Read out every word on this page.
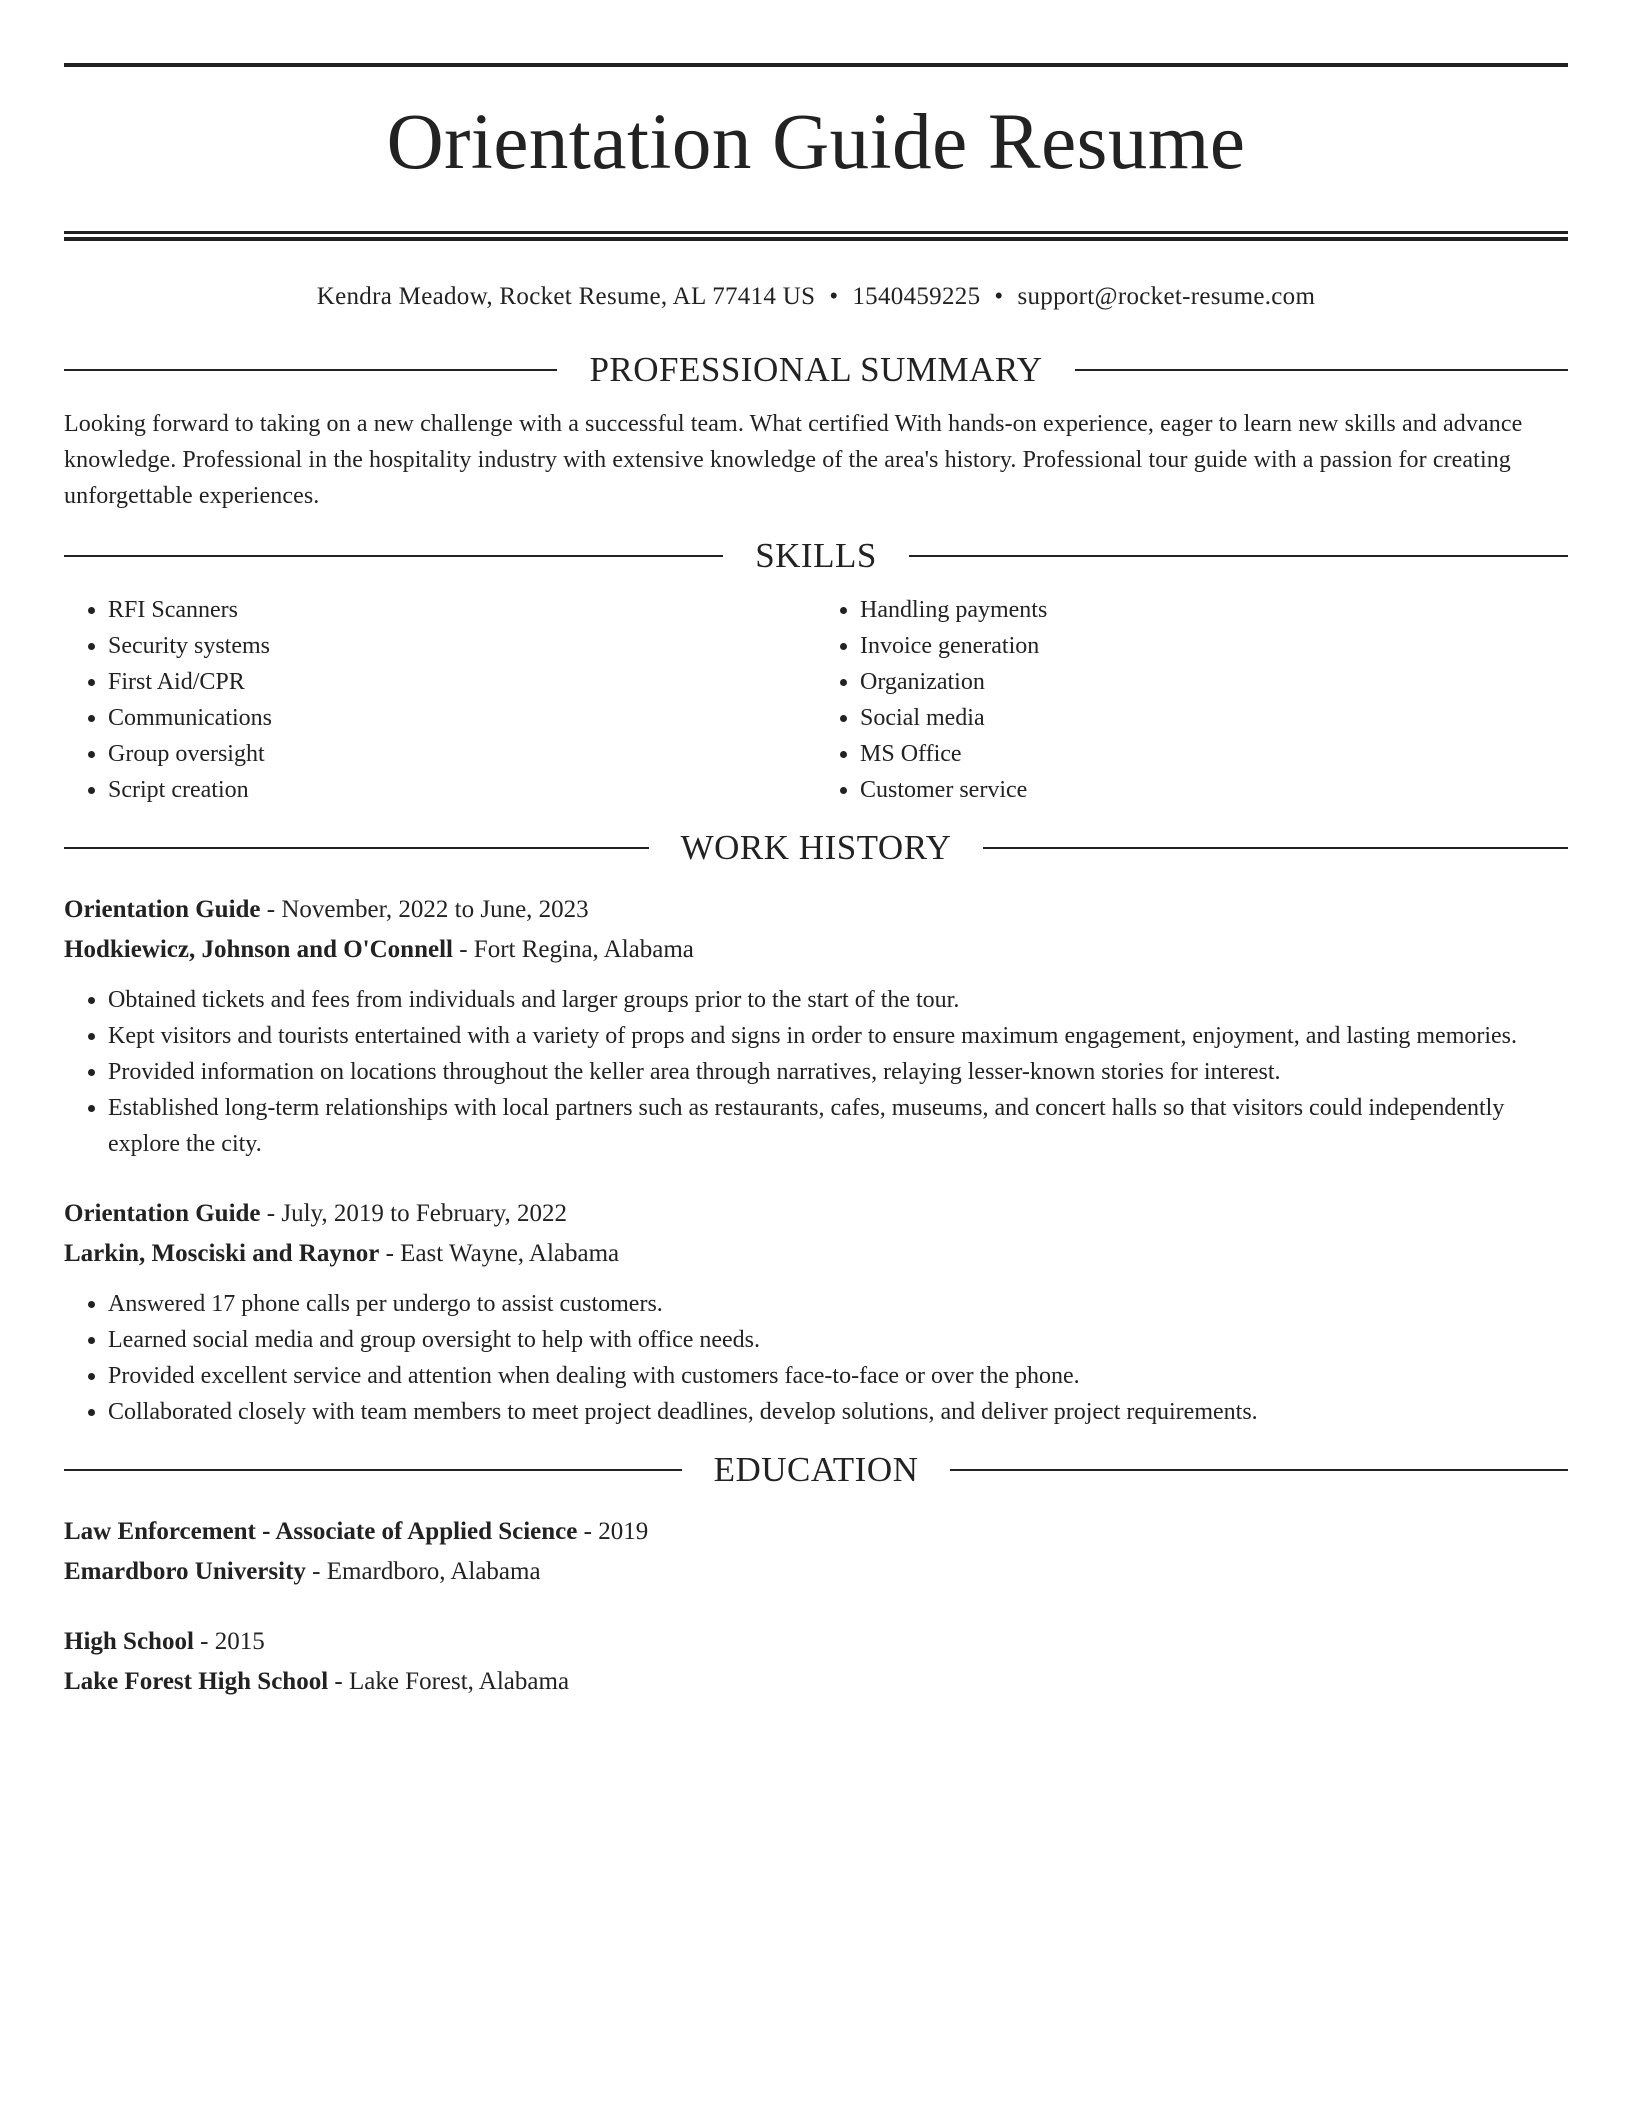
Orientation Guide Resume
Kendra Meadow, Rocket Resume, AL 77414 US • 1540459225 • support@rocket-resume.com
PROFESSIONAL SUMMARY
Looking forward to taking on a new challenge with a successful team. What certified With hands-on experience, eager to learn new skills and advance knowledge. Professional in the hospitality industry with extensive knowledge of the area's history. Professional tour guide with a passion for creating unforgettable experiences.
SKILLS
• RFI Scanners
• Security systems
• First Aid/CPR
• Communications
• Group oversight
• Script creation
• Handling payments
• Invoice generation
• Organization
• Social media
• MS Office
• Customer service
WORK HISTORY
Orientation Guide - November, 2022 to June, 2023
Hodkiewicz, Johnson and O'Connell - Fort Regina, Alabama
• Obtained tickets and fees from individuals and larger groups prior to the start of the tour.
• Kept visitors and tourists entertained with a variety of props and signs in order to ensure maximum engagement, enjoyment, and lasting memories.
• Provided information on locations throughout the keller area through narratives, relaying lesser-known stories for interest.
• Established long-term relationships with local partners such as restaurants, cafes, museums, and concert halls so that visitors could independently explore the city.
Orientation Guide - July, 2019 to February, 2022
Larkin, Mosciski and Raynor - East Wayne, Alabama
• Answered 17 phone calls per undergo to assist customers.
• Learned social media and group oversight to help with office needs.
• Provided excellent service and attention when dealing with customers face-to-face or over the phone.
• Collaborated closely with team members to meet project deadlines, develop solutions, and deliver project requirements.
EDUCATION
Law Enforcement - Associate of Applied Science - 2019
Emardboro University - Emardboro, Alabama
High School - 2015
Lake Forest High School - Lake Forest, Alabama
